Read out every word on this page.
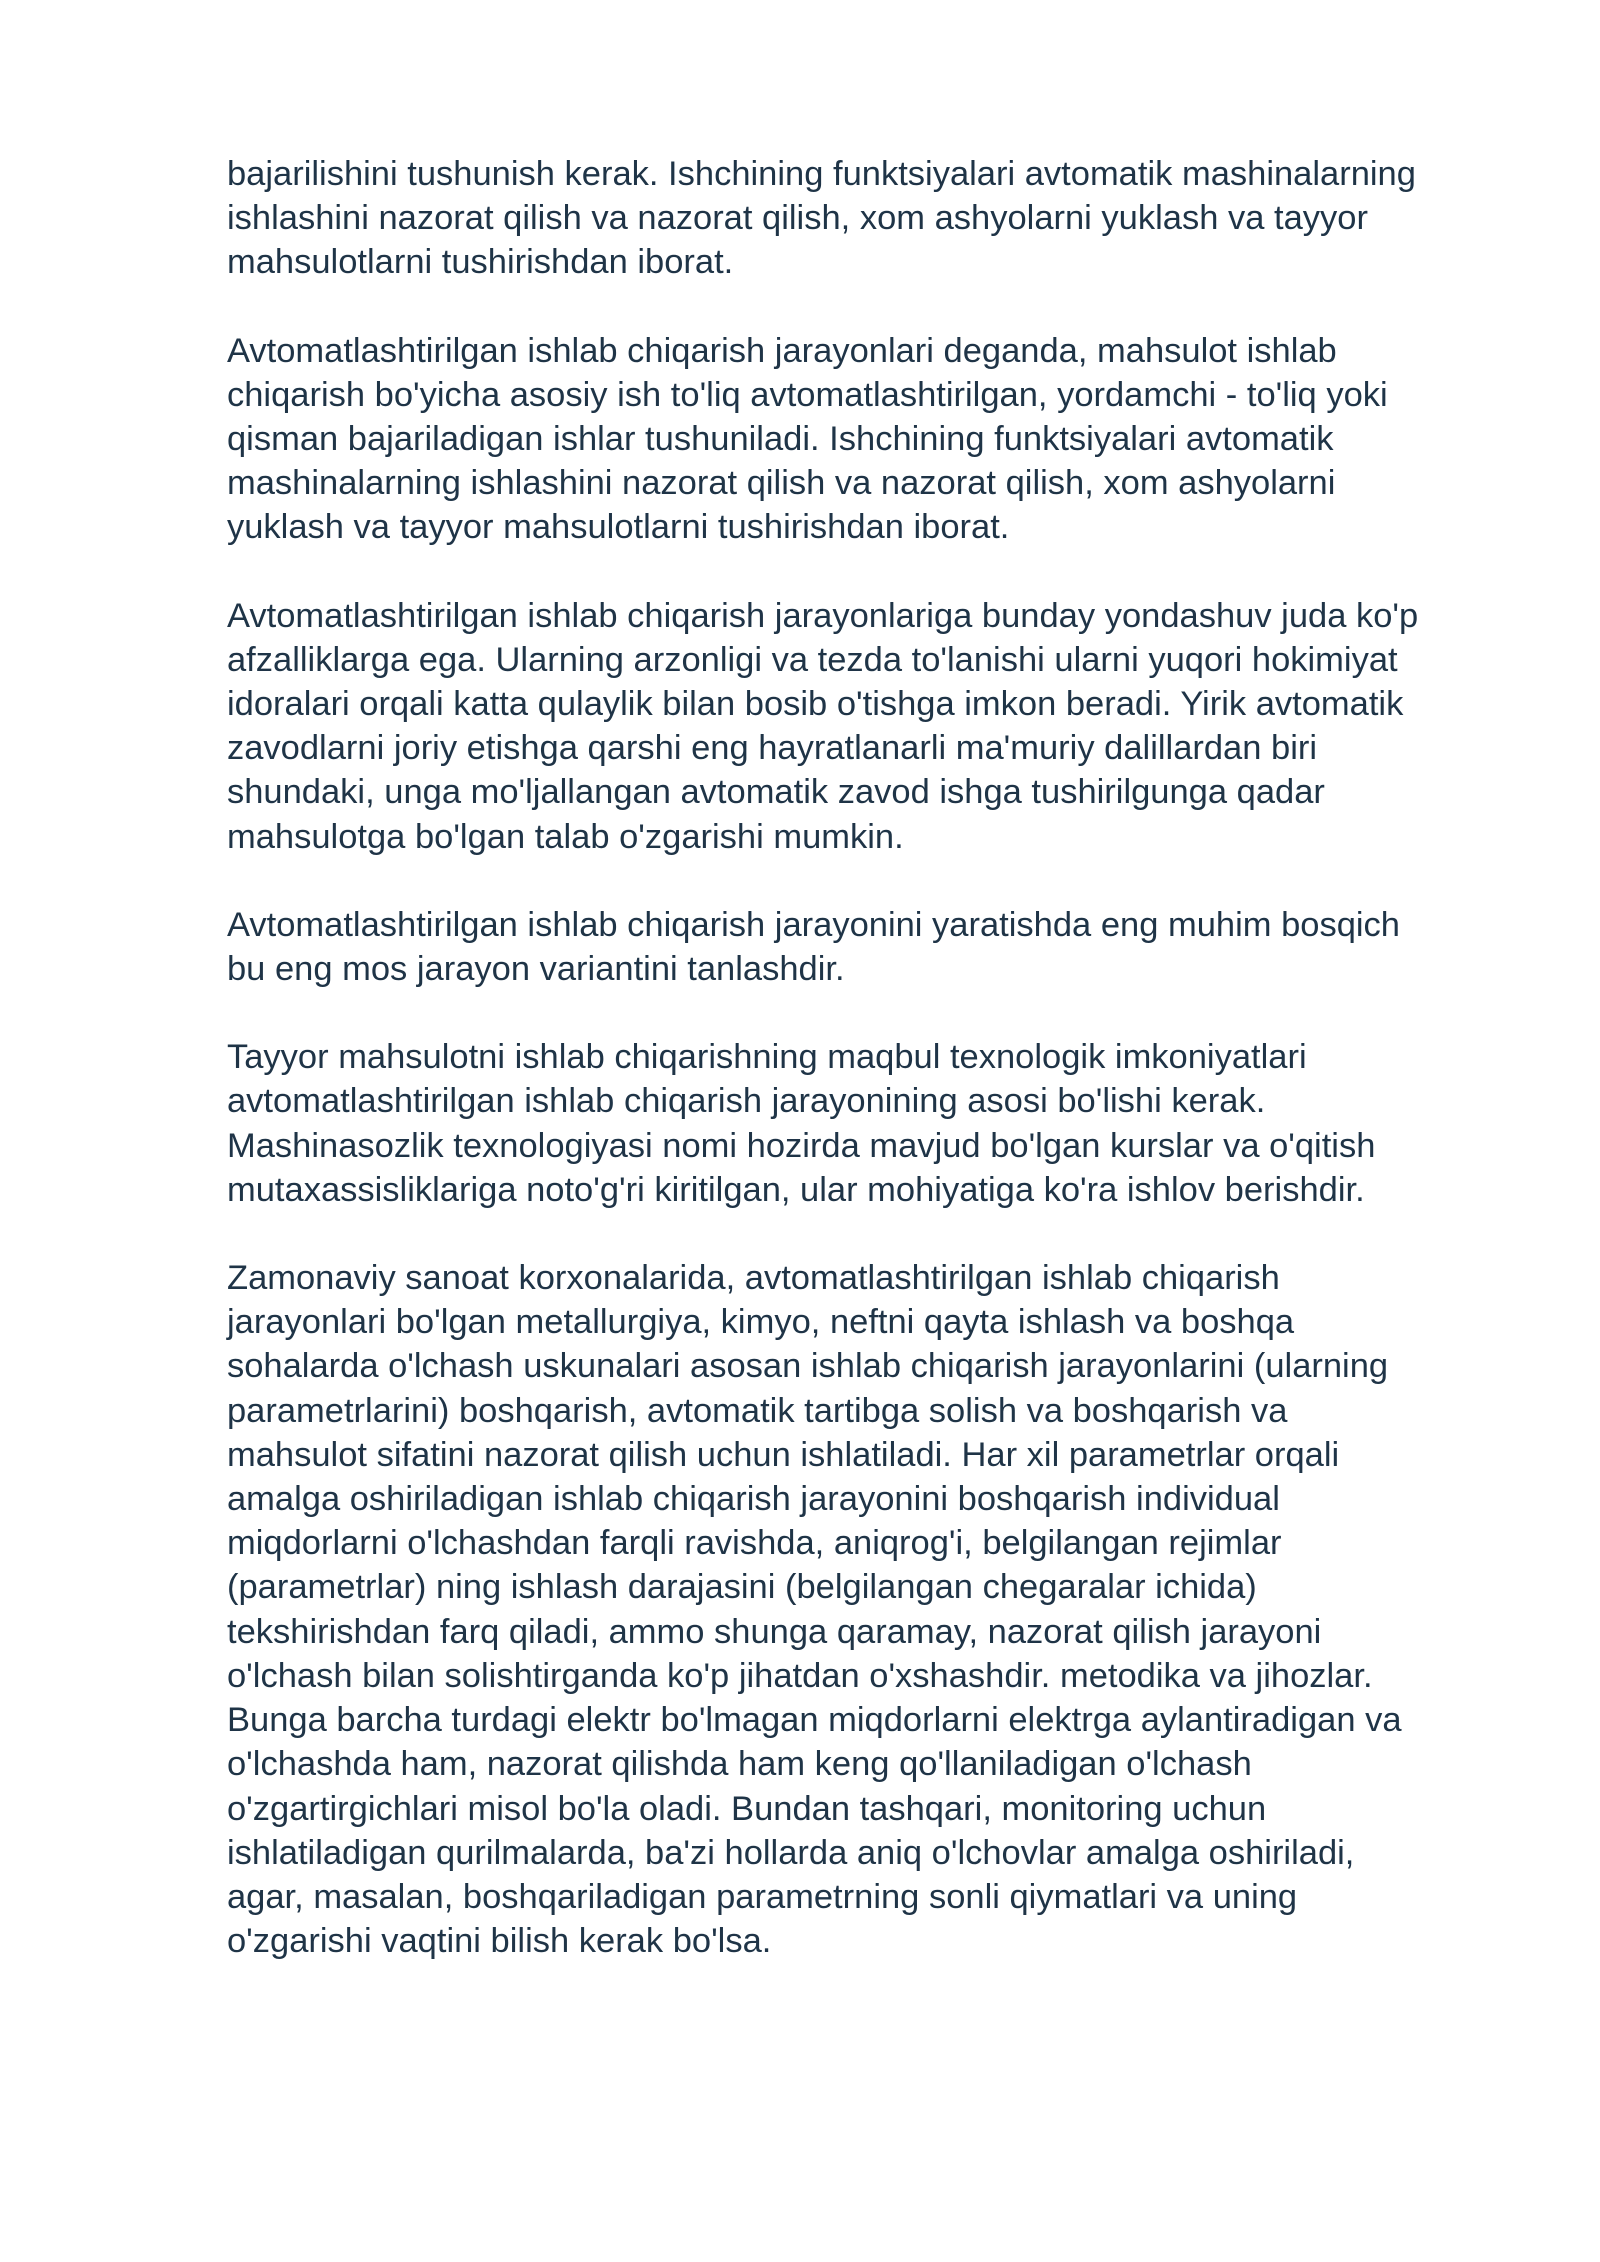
bajarilishini tushunish kerak. Ishchining funktsiyalari avtomatik mashinalarning
ishlashini nazorat qilish va nazorat qilish, xom ashyolarni yuklash va tayyor
mahsulotlarni tushirishdan iborat.

Avtomatlashtirilgan ishlab chiqarish jarayonlari deganda, mahsulot ishlab
chiqarish bo'yicha asosiy ish to'liq avtomatlashtirilgan, yordamchi - to'liq yoki
qisman bajariladigan ishlar tushuniladi. Ishchining funktsiyalari avtomatik
mashinalarning ishlashini nazorat qilish va nazorat qilish, xom ashyolarni
yuklash va tayyor mahsulotlarni tushirishdan iborat.

Avtomatlashtirilgan ishlab chiqarish jarayonlariga bunday yondashuv juda ko'p
afzalliklarga ega. Ularning arzonligi va tezda to'lanishi ularni yuqori hokimiyat
idoralari orqali katta qulaylik bilan bosib o'tishga imkon beradi. Yirik avtomatik
zavodlarni joriy etishga qarshi eng hayratlanarli ma'muriy dalillardan biri
shundaki, unga mo'ljallangan avtomatik zavod ishga tushirilgunga qadar
mahsulotga bo'lgan talab o'zgarishi mumkin.

Avtomatlashtirilgan ishlab chiqarish jarayonini yaratishda eng muhim bosqich
bu eng mos jarayon variantini tanlashdir.

Tayyor mahsulotni ishlab chiqarishning maqbul texnologik imkoniyatlari
avtomatlashtirilgan ishlab chiqarish jarayonining asosi bo'lishi kerak.
Mashinasozlik texnologiyasi nomi hozirda mavjud bo'lgan kurslar va o'qitish
mutaxassisliklariga noto'g'ri kiritilgan, ular mohiyatiga ko'ra ishlov berishdir.

Zamonaviy sanoat korxonalarida, avtomatlashtirilgan ishlab chiqarish
jarayonlari bo'lgan metallurgiya, kimyo, neftni qayta ishlash va boshqa
sohalarda o'lchash uskunalari asosan ishlab chiqarish jarayonlarini (ularning
parametrlarini) boshqarish, avtomatik tartibga solish va boshqarish va
mahsulot sifatini nazorat qilish uchun ishlatiladi. Har xil parametrlar orqali
amalga oshiriladigan ishlab chiqarish jarayonini boshqarish individual
miqdorlarni o'lchashdan farqli ravishda, aniqrog'i, belgilangan rejimlar
(parametrlar) ning ishlash darajasini (belgilangan chegaralar ichida)
tekshirishdan farq qiladi, ammo shunga qaramay, nazorat qilish jarayoni
o'lchash bilan solishtirganda ko'p jihatdan o'xshashdir. metodika va jihozlar.
Bunga barcha turdagi elektr bo'lmagan miqdorlarni elektrga aylantiradigan va
o'lchashda ham, nazorat qilishda ham keng qo'llaniladigan o'lchash
o'zgartirgichlari misol bo'la oladi. Bundan tashqari, monitoring uchun
ishlatiladigan qurilmalarda, ba'zi hollarda aniq o'lchovlar amalga oshiriladi,
agar, masalan, boshqariladigan parametrning sonli qiymatlari va uning
o'zgarishi vaqtini bilish kerak bo'lsa.
